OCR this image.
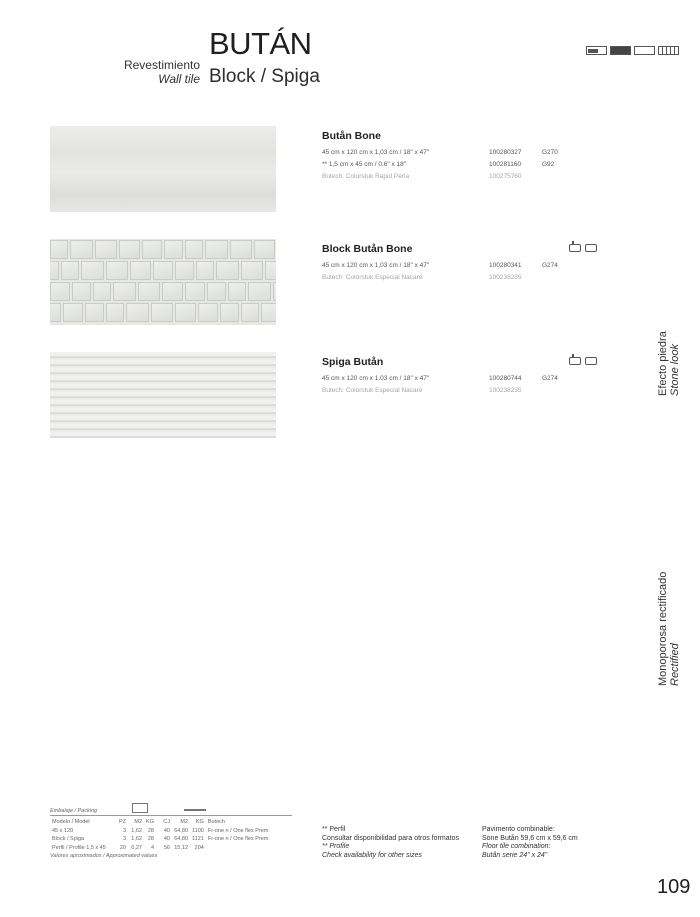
Revestimiento
Wall tile
BUTÁN
Block / Spiga
Butån Bone
45 cm x 120 cm x 1,03 cm / 18" x 47"	100280327	G270
** 1,5 cm x 45 cm / 0.6" x 18"	100281160	G92
Butech: Colorstuk Rapid Perla	100275760
Block Butån Bone
45 cm x 120 cm x 1,03 cm / 18" x 47"	100280341	G274
Butech: Colorstuk Especial Nacaré	100238235
Spiga Butån
45 cm x 120 cm x 1,03 cm / 18" x 47"	100280744	G274
Butech: Colorstuk Especial Nacaré	100238235	Efecto piedra Stone look
Monoporosa rectificado Rectified
Embalaje / Packing
Modelo / Model	PZ	M2	KG	CJ	M2	KG	Butech
45 x 120	3	1,62	28	40	64,80	1100	Fr-one n / One flex Prem.
Block / Spiga	3	1,62	28	40	64,80	1121	Fr-one n / One flex Prem.
Perfil / Profile 1,5 x 45	20	0,27	4	56	15,12	204	
Valores aproximados / Approximated values
** Perfil
Consultar disponibilidad para otros formatos
** Profile
Check availability for other sizes
Pavimento combinable:
Sone Butån 59,6 cm x 59,6 cm
Floor tile combination:
Butån serie 24" x 24"
109
